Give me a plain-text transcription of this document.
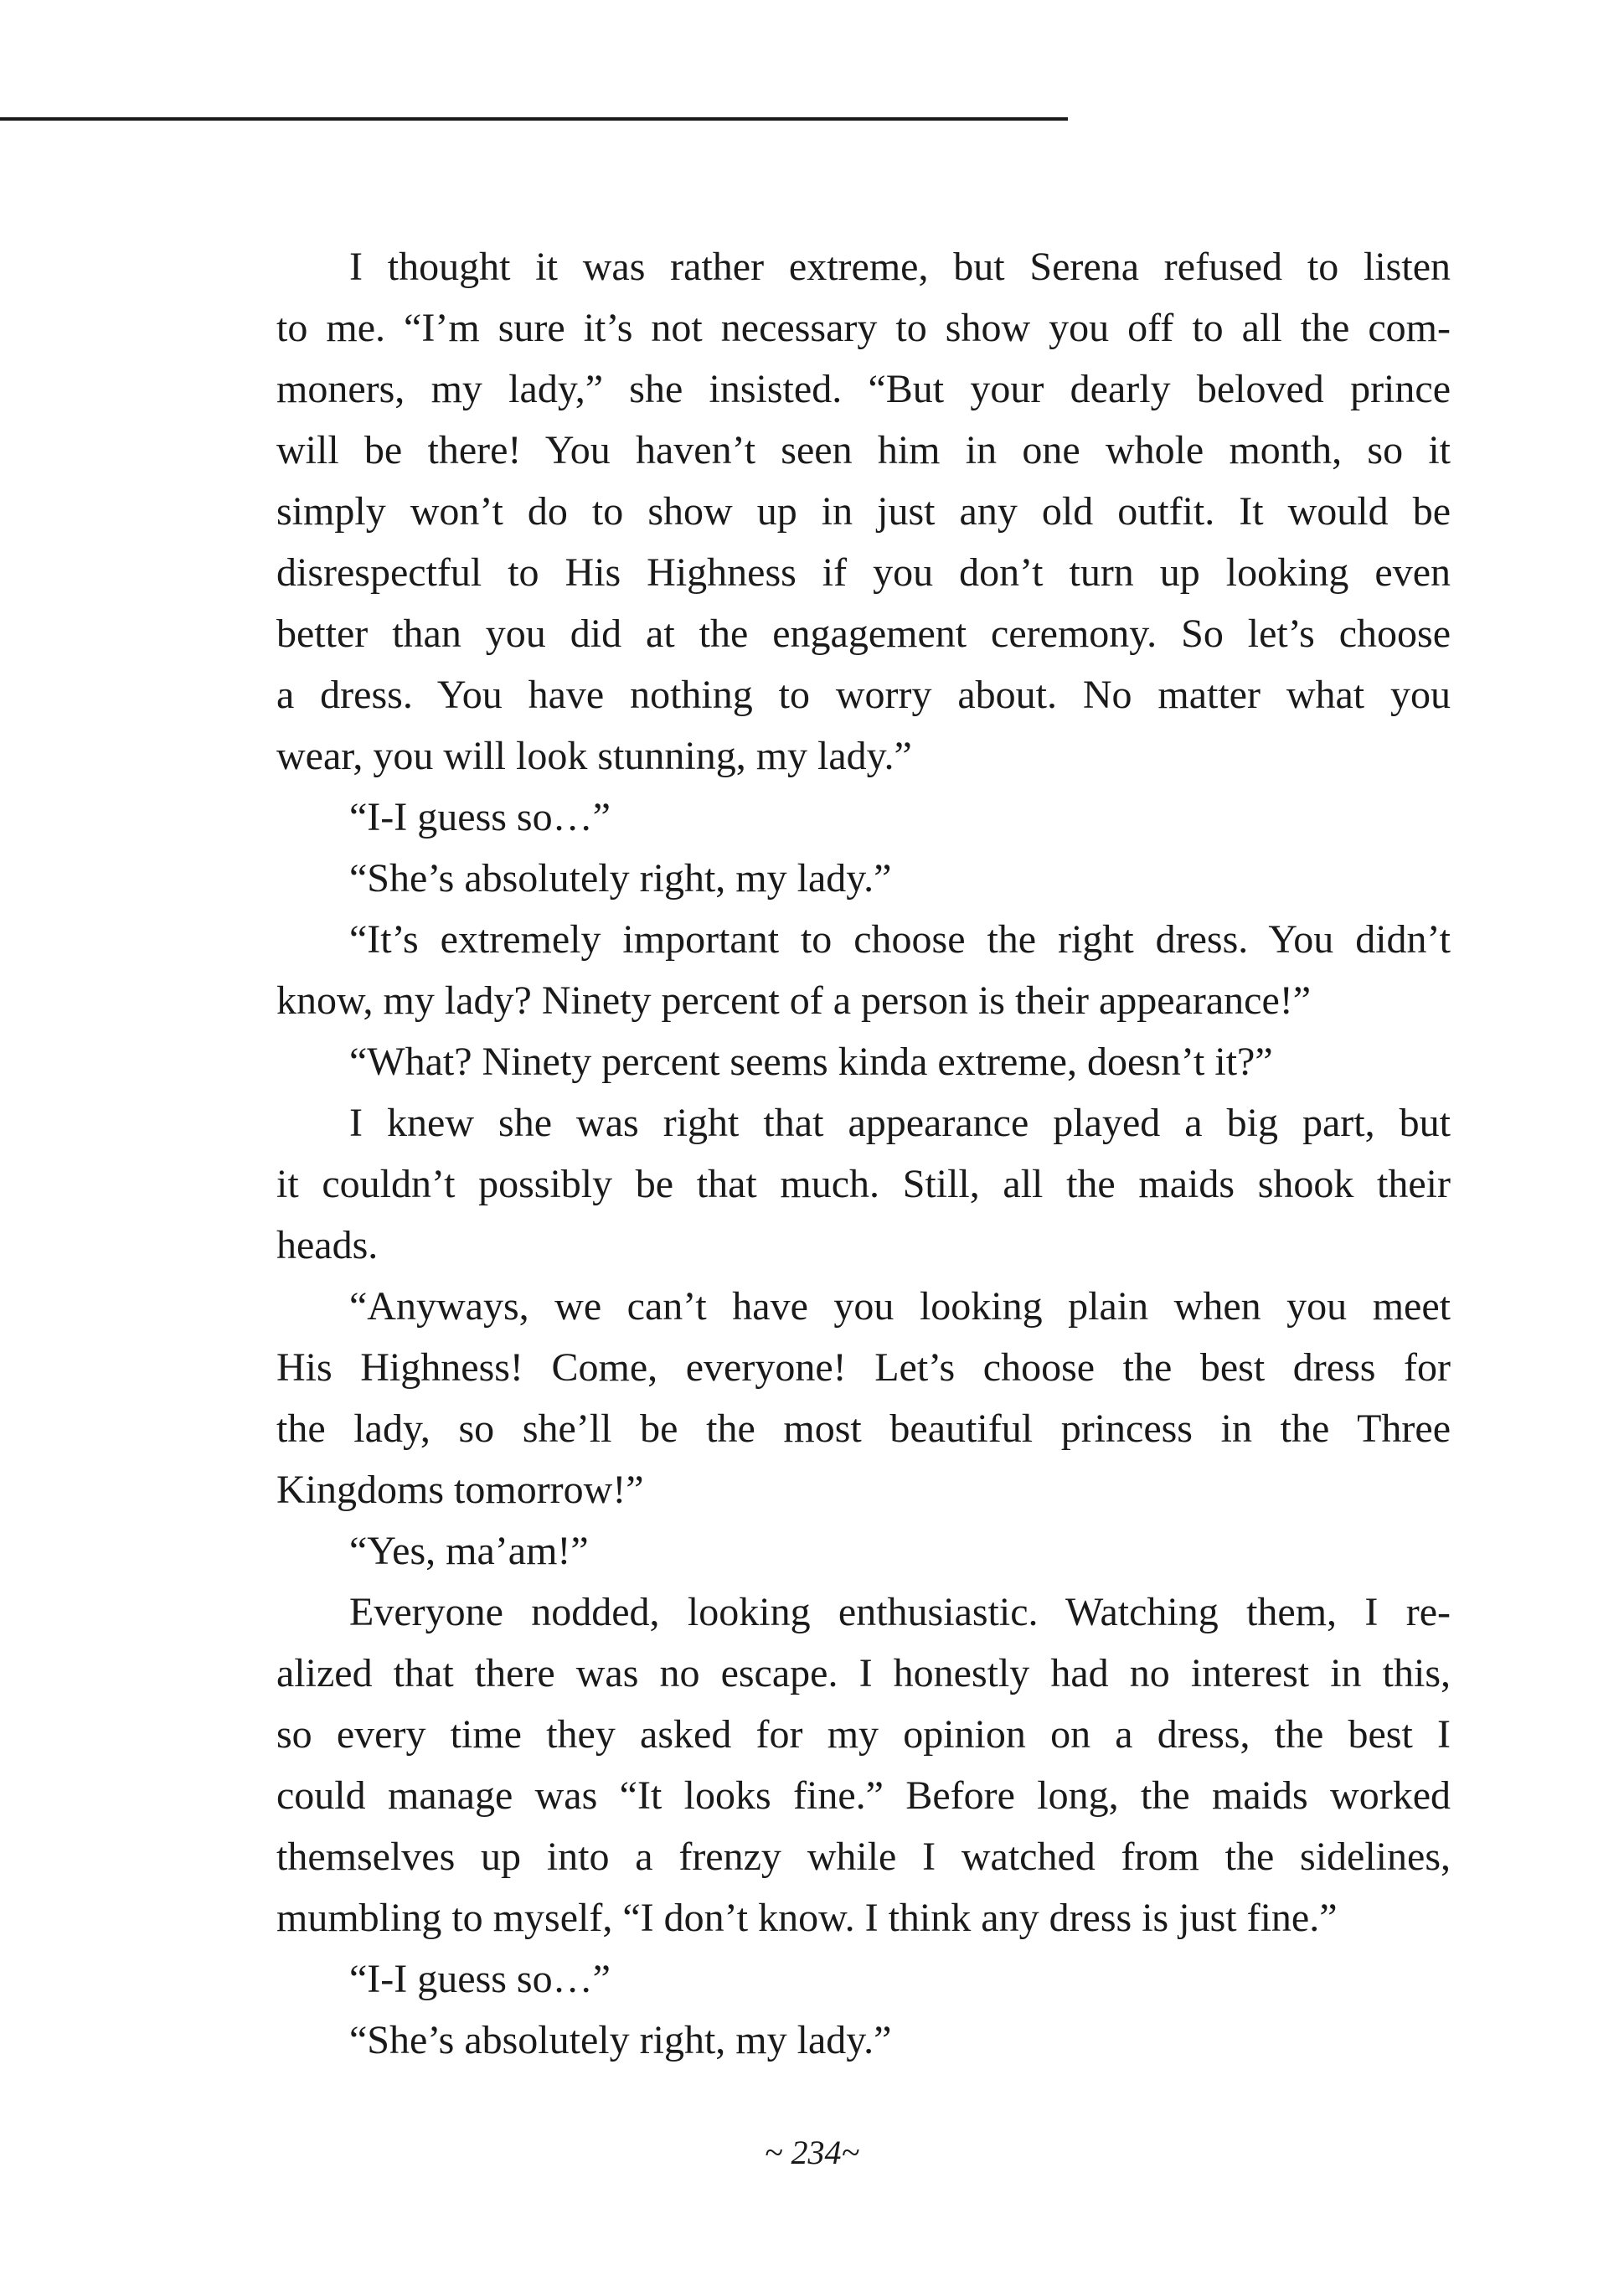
I thought it was rather extreme, but Serena refused to listen
to me. “I’m sure it’s not necessary to show you off to all the com-
moners, my lady,” she insisted. “But your dearly beloved prince
will be there! You haven’t seen him in one whole month, so it
simply won’t do to show up in just any old outfit. It would be
disrespectful to His Highness if you don’t turn up looking even
better than you did at the engagement ceremony. So let’s choose
a dress. You have nothing to worry about. No matter what you
wear, you will look stunning, my lady.”
“I-I guess so…”
“She’s absolutely right, my lady.”
“It’s extremely important to choose the right dress. You didn’t
know, my lady? Ninety percent of a person is their appearance!”
“What? Ninety percent seems kinda extreme, doesn’t it?”
I knew she was right that appearance played a big part, but
it couldn’t possibly be that much. Still, all the maids shook their
heads.
“Anyways, we can’t have you looking plain when you meet
His Highness! Come, everyone! Let’s choose the best dress for
the lady, so she’ll be the most beautiful princess in the Three
Kingdoms tomorrow!”
“Yes, ma’am!”
Everyone nodded, looking enthusiastic. Watching them, I re-
alized that there was no escape. I honestly had no interest in this,
so every time they asked for my opinion on a dress, the best I
could manage was “It looks fine.” Before long, the maids worked
themselves up into a frenzy while I watched from the sidelines,
mumbling to myself, “I don’t know. I think any dress is just fine.”
“I-I guess so…”
“She’s absolutely right, my lady.”
~ 234~
